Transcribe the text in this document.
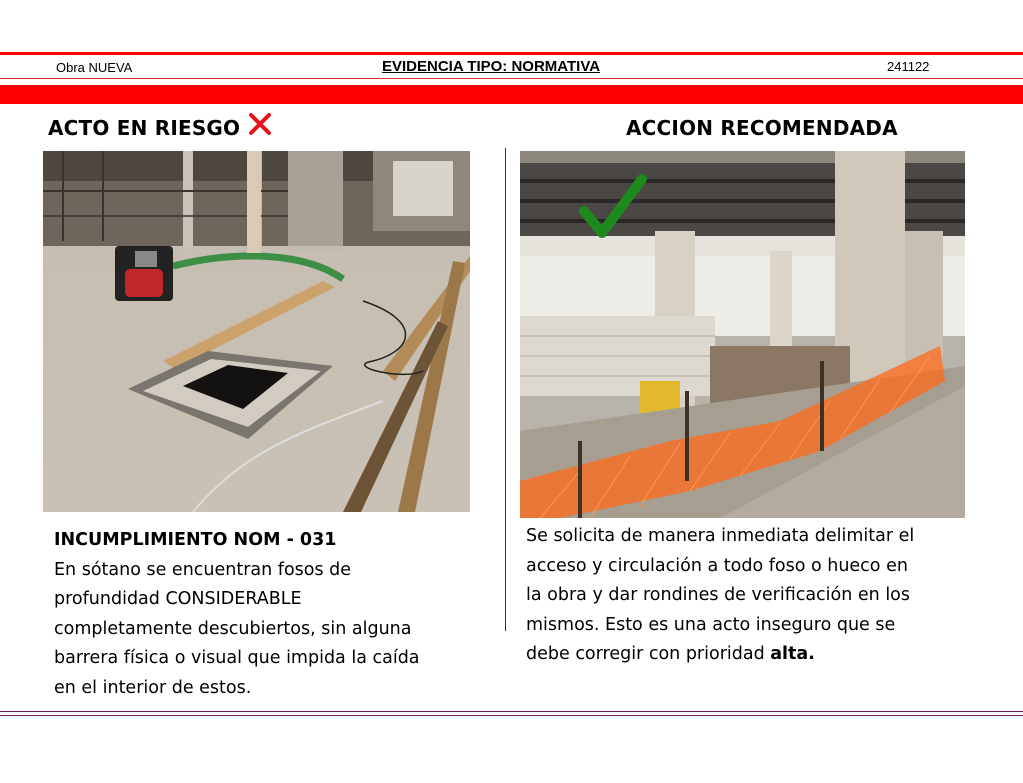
Obra NUEVA	EVIDENCIA TIPO: NORMATIVA	241122
ACTO EN RIESGO	ACCION RECOMENDADA

INCUMPLIMIENTO NOM - 031

En sótano se encuentran fosos de

profundidad CONSIDERABLE

completamente descubiertos, sin alguna

barrera física o visual que impida la caída

en el interior de estos.

Se solicita de manera inmediata delimitar el

acceso y circulación a todo foso o hueco en

la obra y dar rondines de verificación en los

mismos. Esto es una acto inseguro que se

debe corregir con prioridad alta.
